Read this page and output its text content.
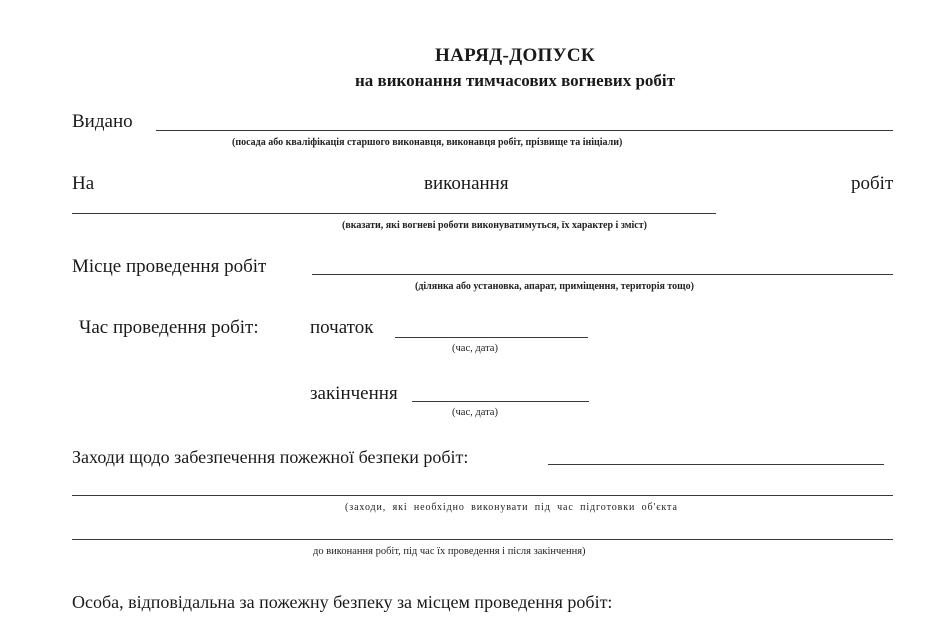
НАРЯД-ДОПУСК
на виконання тимчасових вогневих робіт
Видано
(посада або кваліфікація старшого виконавця, виконавця робіт, прізвище та ініціали)
На	виконання	робіт
(вказати, які вогневі роботи виконуватимуться, їх характер і зміст)
Місце проведення робіт
(ділянка або установка, апарат, приміщення, територія тощо)
Час проведення робіт:	початок
(час, дата)
закінчення
(час, дата)
Заходи щодо забезпечення пожежної безпеки робіт:
(заходи, які необхідно виконувати під час підготовки об'єкта
до виконання робіт, під час їх проведення і після закінчення)
Особа, відповідальна за пожежну безпеку за місцем проведення робіт:
